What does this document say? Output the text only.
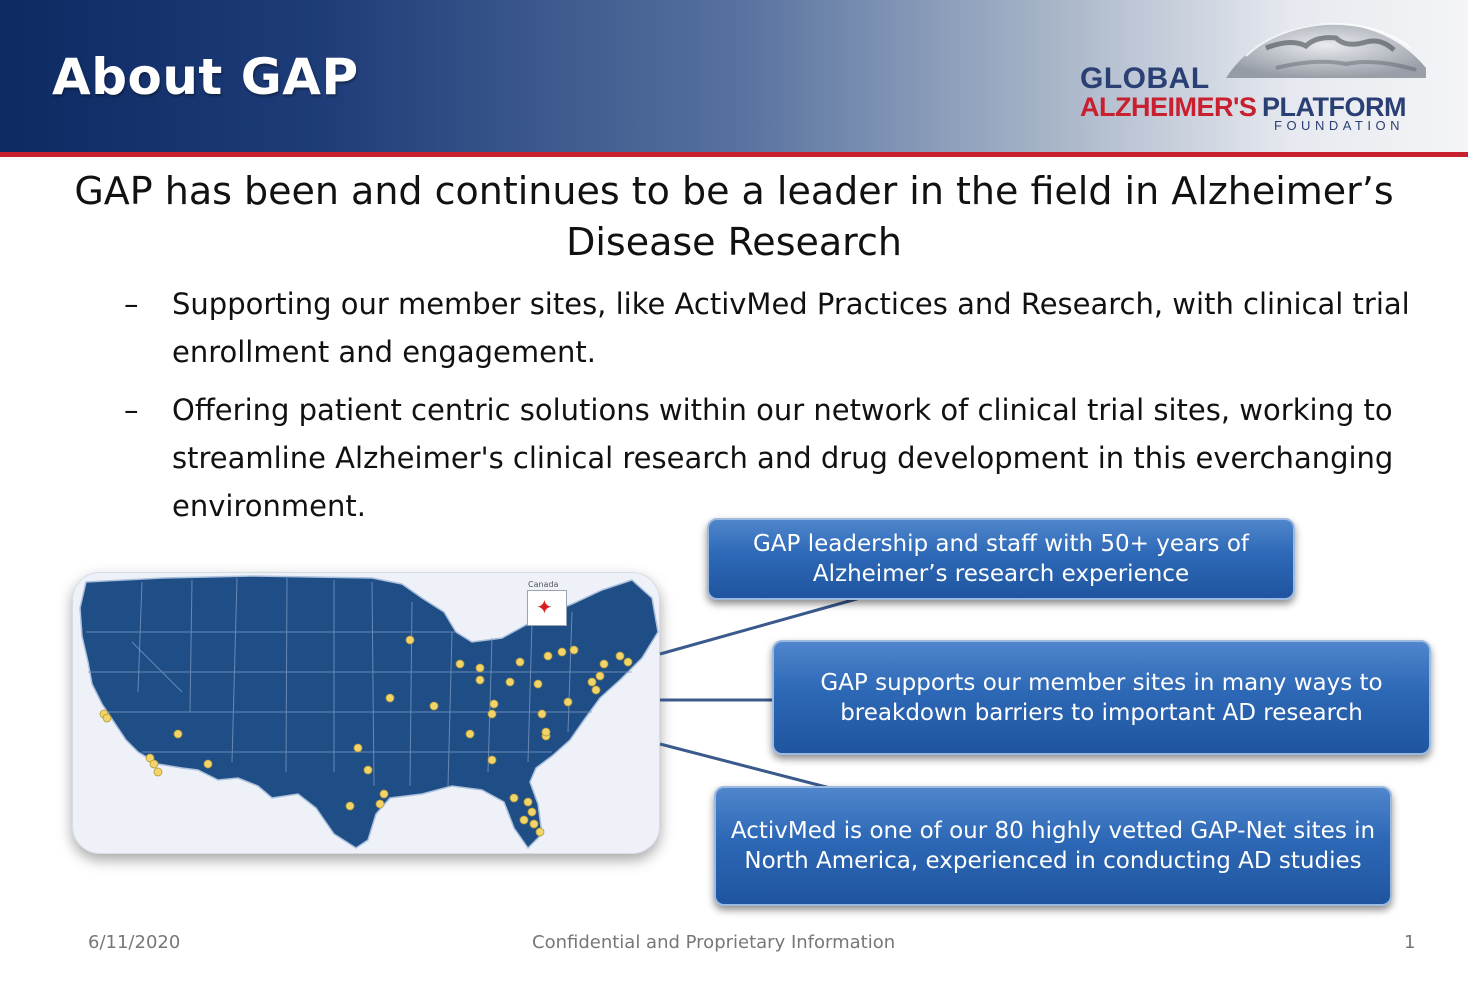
About GAP	GLOBAL
ALZHEIMER'S PLATFORM
FOUNDATION
GAP has been and continues to be a leader in the field in Alzheimer’s Disease Research
– Supporting our member sites, like ActivMed Practices and Research, with clinical trial enrollment and engagement.
– Offering patient centric solutions within our network of clinical trial sites, working to streamline Alzheimer's clinical research and drug development in this everchanging environment.
Canada
✦
GAP leadership and staff with 50+ years of Alzheimer’s research experience
GAP supports our member sites in many ways to breakdown barriers to important AD research
ActivMed is one of our 80 highly vetted GAP-Net sites in North America, experienced in conducting AD studies
6/11/2020	Confidential and Proprietary Information	1
